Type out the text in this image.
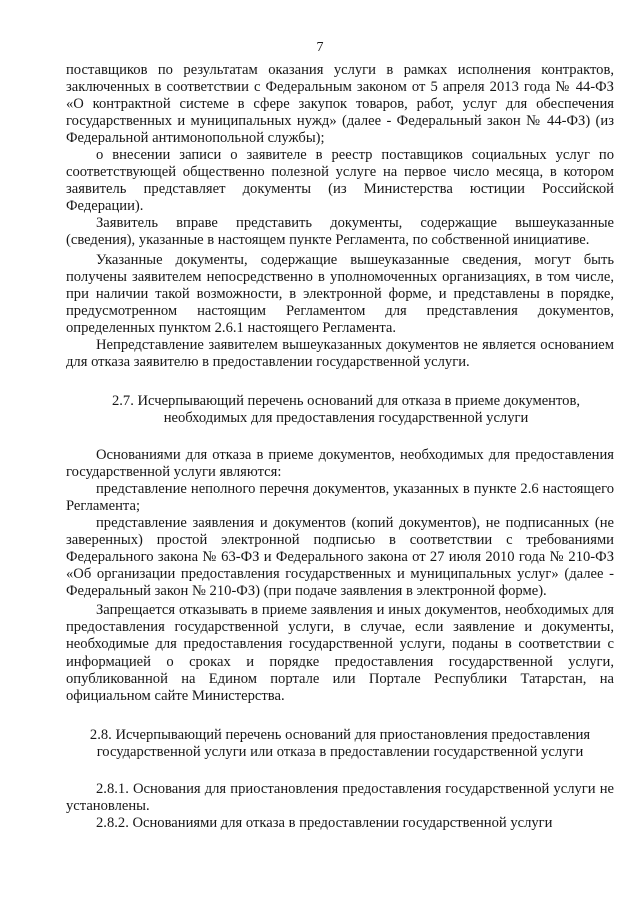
7

поставщиков по результатам оказания услуги в рамках исполнения контрактов, заключенных в соответствии с Федеральным законом от 5 апреля 2013 года № 44-ФЗ «О контрактной системе в сфере закупок товаров, работ, услуг для обеспечения государственных и муниципальных нужд» (далее - Федеральный закон № 44-ФЗ) (из Федеральной антимонопольной службы);

о внесении записи о заявителе в реестр поставщиков социальных услуг по соответствующей общественно полезной услуге на первое число месяца, в котором заявитель представляет документы (из Министерства юстиции Российской Федерации).

Заявитель вправе представить документы, содержащие вышеуказанные (сведения), указанные в настоящем пункте Регламента, по собственной инициативе.

Указанные документы, содержащие вышеуказанные сведения, могут быть получены заявителем непосредственно в уполномоченных организациях, в том числе, при наличии такой возможности, в электронной форме, и представлены в порядке, предусмотренном настоящим Регламентом для представления документов, определенных пунктом 2.6.1 настоящего Регламента.

Непредставление заявителем вышеуказанных документов не является основанием для отказа заявителю в предоставлении государственной услуги.

2.7. Исчерпывающий перечень оснований для отказа в приеме документов, необходимых для предоставления государственной услуги

Основаниями для отказа в приеме документов, необходимых для предоставления государственной услуги являются:

представление неполного перечня документов, указанных в пункте 2.6 настоящего Регламента;

представление заявления и документов (копий документов), не подписанных (не заверенных) простой электронной подписью в соответствии с требованиями Федерального закона № 63-ФЗ и Федерального закона от 27 июля 2010 года № 210-ФЗ «Об организации предоставления государственных и муниципальных услуг» (далее - Федеральный закон № 210-ФЗ) (при подаче заявления в электронной форме).

Запрещается отказывать в приеме заявления и иных документов, необходимых для предоставления государственной услуги, в случае, если заявление и документы, необходимые для предоставления государственной услуги, поданы в соответствии с информацией о сроках и порядке предоставления государственной услуги, опубликованной на Едином портале или Портале Республики Татарстан, на официальном сайте Министерства.

2.8. Исчерпывающий перечень оснований для приостановления предоставления государственной услуги или отказа в предоставлении государственной услуги

2.8.1. Основания для приостановления предоставления государственной услуги не установлены.

2.8.2. Основаниями для отказа в предоставлении государственной услуги
